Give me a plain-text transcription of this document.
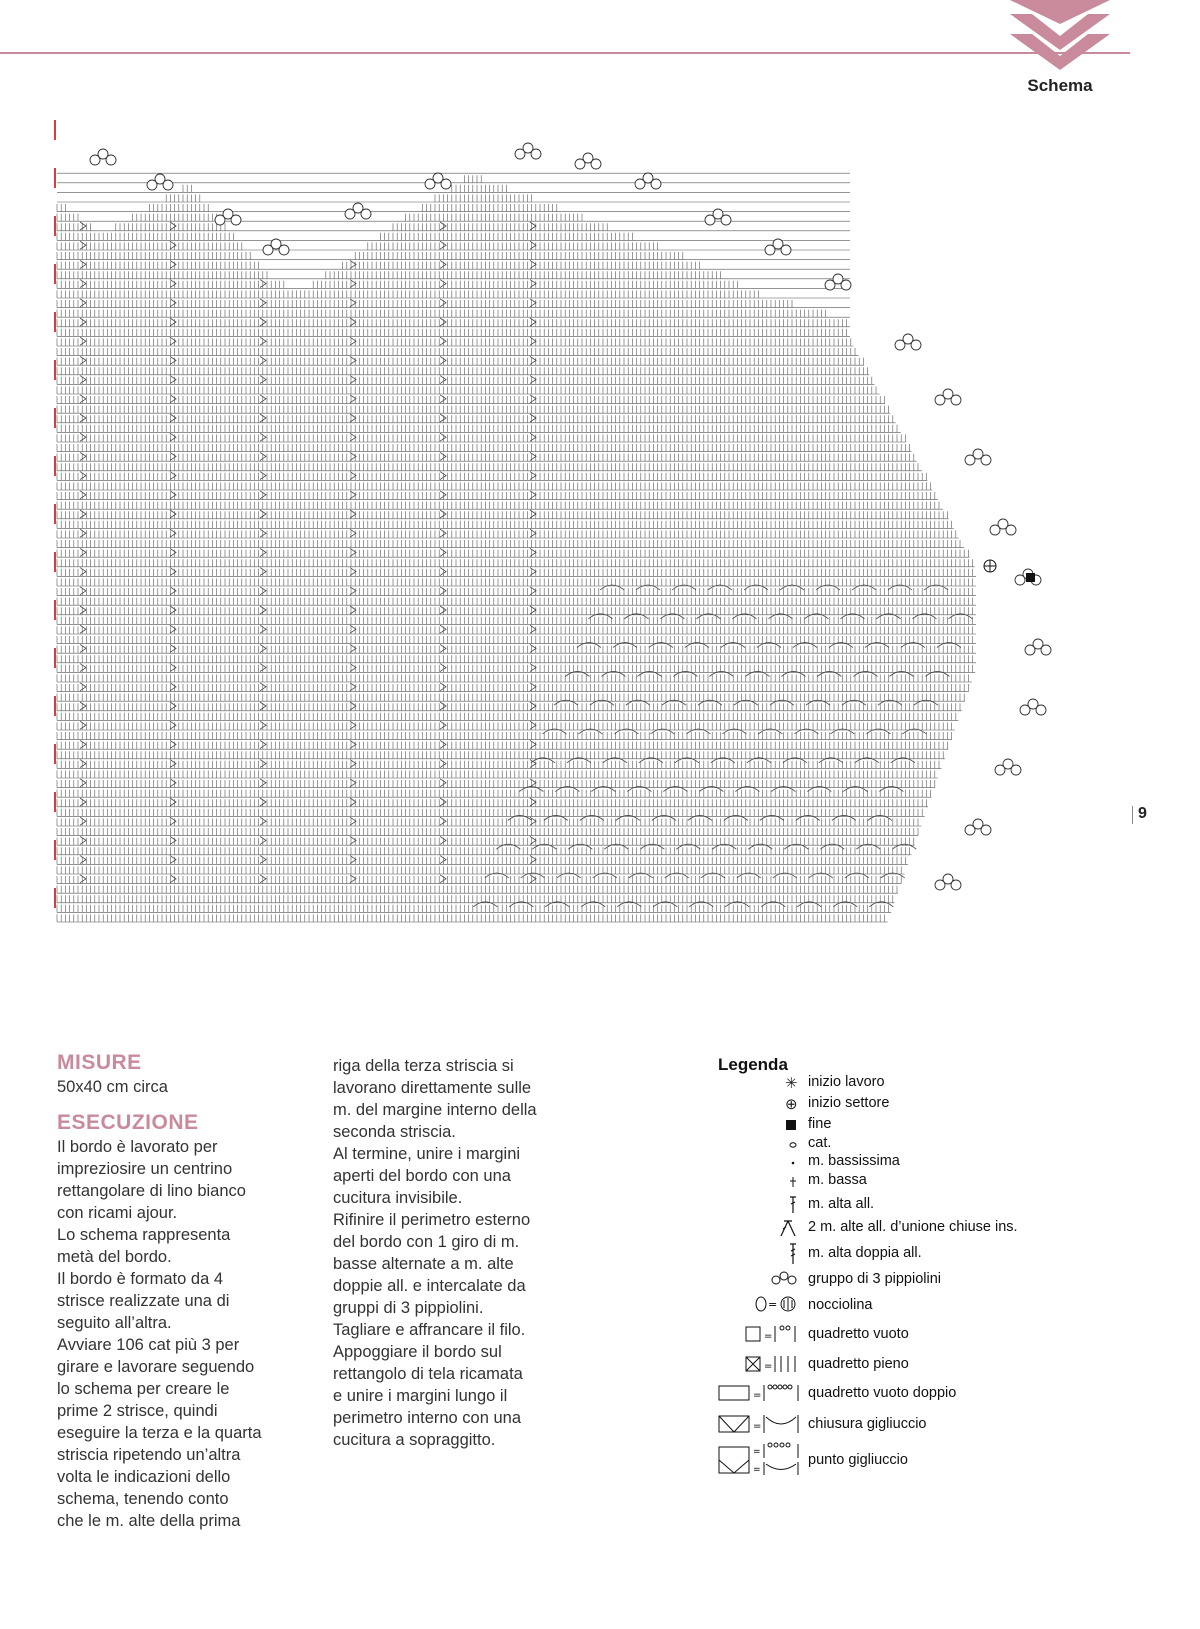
Schema
9

MISURE

50x40 cm circa

ESECUZIONE

Il bordo è lavorato per
impreziosire un centrino
rettangolare di lino bianco
con ricami ajour.
Lo schema rappresenta
metà del bordo.
Il bordo è formato da 4
strisce realizzate una di
seguito all’altra.
Avviare 106 cat più 3 per
girare e lavorare seguendo
lo schema per creare le
prime 2 strisce, quindi
eseguire la terza e la quarta
striscia ripetendo un’altra
volta le indicazioni dello
schema, tenendo conto
che le m. alte della prima

riga della terza striscia si
lavorano direttamente sulle
m. del margine interno della
seconda striscia.
Al termine, unire i margini
aperti del bordo con una
cucitura invisibile.
Rifinire il perimetro esterno
del bordo con 1 giro di m.
basse alternate a m. alte
doppie all. e intercalate da
gruppi di 3 pippiolini.
Tagliare e affrancare il filo.
Appoggiare il bordo sul
rettangolo di tela ricamata
e unire i margini lungo il
perimetro interno con una
cucitura a sopraggitto.

Legenda
✳ inizio lavoro
⊕ inizio settore
fine
cat.
m. bassissima
m. bassa
m. alta all.
2 m. alte all. d’unione chiuse ins.
m. alta doppia all.
gruppo di 3 pippiolini
= nocciolina
= quadretto vuoto
= quadretto pieno
=	quadretto vuoto doppio
=	chiusura gigliuccio
=
=
punto gigliuccio
